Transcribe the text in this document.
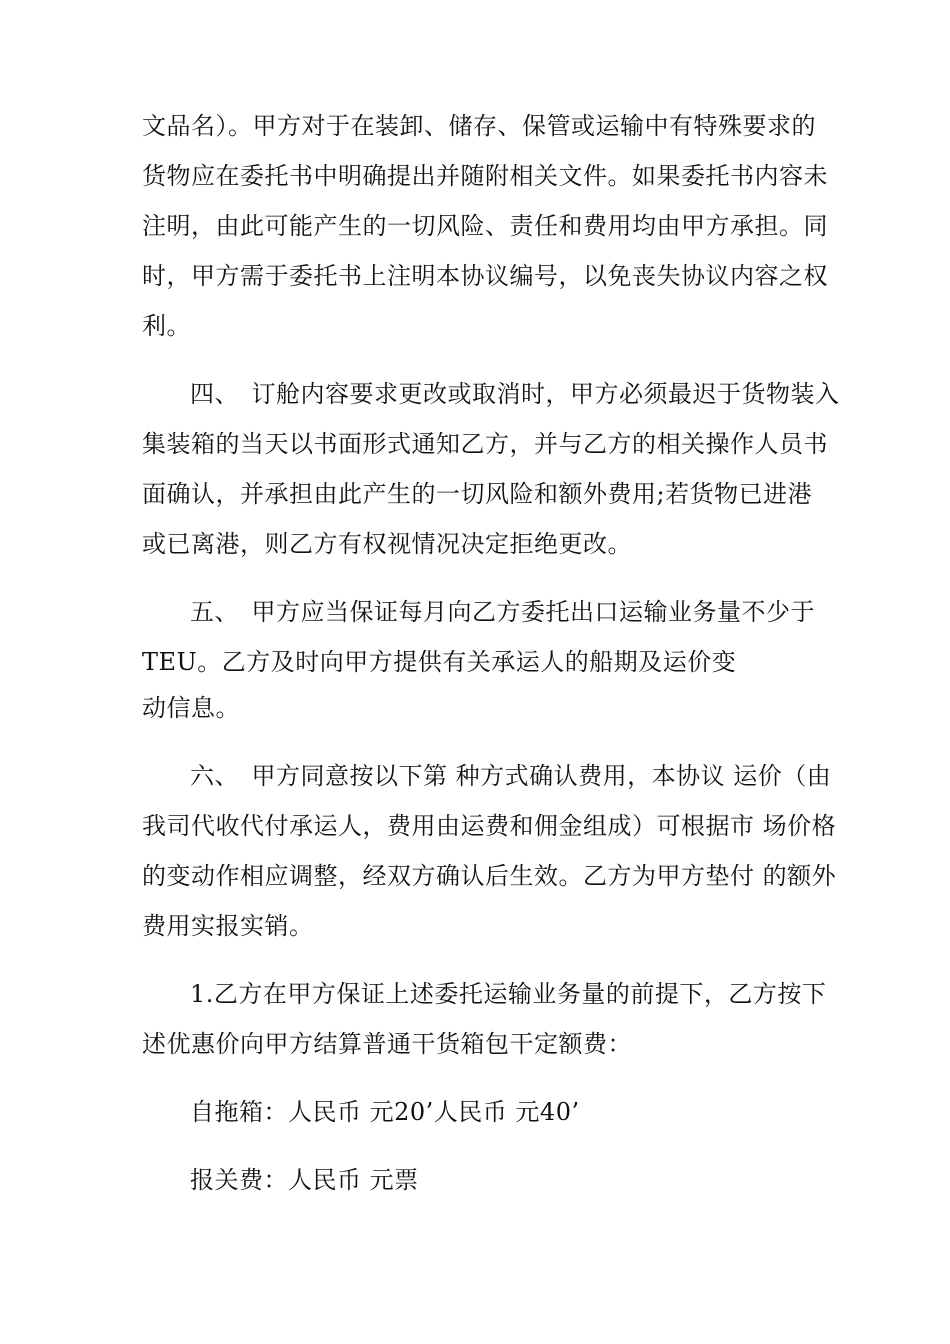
文品名）。甲方对于在装卸、储存、保管或运输中有特殊要求的
货物应在委托书中明确提出并随附相关文件。如果委托书内容未
注明，由此可能产生的一切风险、责任和费用均由甲方承担。同
时，甲方需于委托书上注明本协议编号，以免丧失协议内容之权
利。
四、　订舱内容要求更改或取消时，甲方必须最迟于货物装入
集装箱的当天以书面形式通知乙方，并与乙方的相关操作人员书
面确认，并承担由此产生的一切风险和额外费用;若货物已进港
或已离港，则乙方有权视情况决定拒绝更改。
五、　甲方应当保证每月向乙方委托出口运输业务量不少于
TEU。乙方及时向甲方提供有关承运人的船期及运价变
动信息。
六、　甲方同意按以下第 种方式确认费用，本协议 运价（由
我司代收代付承运人，费用由运费和佣金组成）可根据市 场价格
的变动作相应调整，经双方确认后生效。乙方为甲方垫付 的额外
费用实报实销。
1.乙方在甲方保证上述委托运输业务量的前提下，乙方按下
述优惠价向甲方结算普通干货箱包干定额费：
自拖箱：人民币 元20’人民币 元40’
报关费：人民币 元票
